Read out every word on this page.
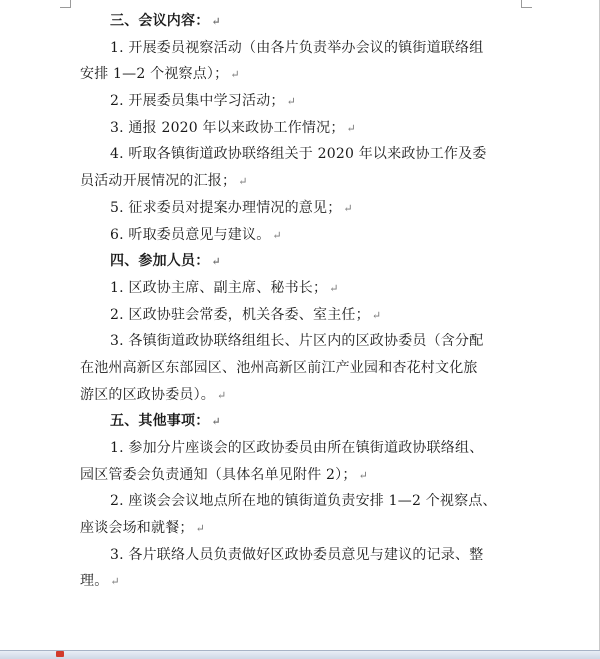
三、会议内容： ↵
1. 开展委员视察活动（由各片负责举办会议的镇街道联络组
安排 1—2 个视察点）； ↵
2. 开展委员集中学习活动； ↵
3. 通报 2020 年以来政协工作情况； ↵
4. 听取各镇街道政协联络组关于 2020 年以来政协工作及委
员活动开展情况的汇报； ↵
5. 征求委员对提案办理情况的意见； ↵
6. 听取委员意见与建议。 ↵
四、参加人员： ↵
1. 区政协主席、副主席、秘书长； ↵
2. 区政协驻会常委，机关各委、室主任； ↵
3. 各镇街道政协联络组组长、片区内的区政协委员（含分配
在池州高新区东部园区、池州高新区前江产业园和杏花村文化旅
游区的区政协委员）。 ↵
五、其他事项： ↵
1. 参加分片座谈会的区政协委员由所在镇街道政协联络组、
园区管委会负责通知（具体名单见附件 2）； ↵
2. 座谈会会议地点所在地的镇街道负责安排 1—2 个视察点、
座谈会场和就餐； ↵
3. 各片联络人员负责做好区政协委员意见与建议的记录、整
理。 ↵
